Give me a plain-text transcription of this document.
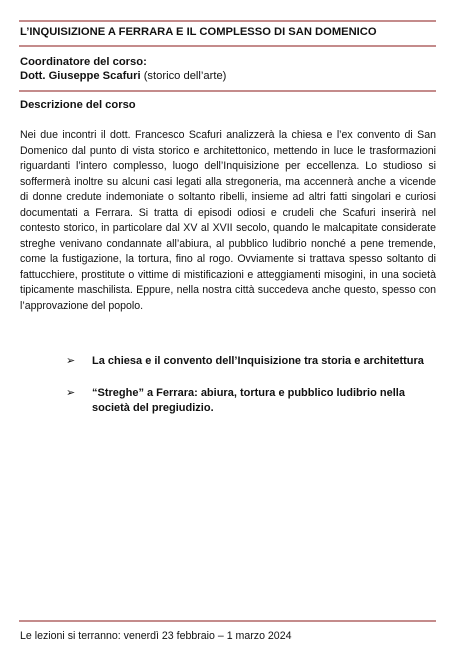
L’INQUISIZIONE A FERRARA E IL COMPLESSO DI SAN DOMENICO
Coordinatore del corso:
Dott. Giuseppe Scafuri (storico dell’arte)
Descrizione del corso
Nei due incontri il dott. Francesco Scafuri analizzerà la chiesa e l’ex convento di San Domenico dal punto di vista storico e architettonico, mettendo in luce le trasformazioni riguardanti l’intero complesso, luogo dell’Inquisizione per eccellenza. Lo studioso si soffermerà inoltre su alcuni casi legati alla stregoneria, ma accennerà anche a vicende di donne credute indemoniate o soltanto ribelli, insieme ad altri fatti singolari e curiosi documentati a Ferrara. Si tratta di episodi odiosi e crudeli che Scafuri inserirà nel contesto storico, in particolare dal XV al XVII secolo, quando le malcapitate considerate streghe venivano condannate all’abiura, al pubblico ludibrio nonché a pene tremende, come la fustigazione, la tortura, fino al rogo. Ovviamente si trattava spesso soltanto di fattucchiere, prostitute o vittime di mistificazioni e atteggiamenti misogini, in una società tipicamente maschilista. Eppure, nella nostra città succedeva anche questo, spesso con l’approvazione del popolo.
➢ La chiesa e il convento dell’Inquisizione tra storia e architettura
➢ “Streghe” a Ferrara: abiura, tortura e pubblico ludibrio nella società del pregiudizio.
Le lezioni si terranno: venerdì 23 febbraio – 1 marzo 2024
